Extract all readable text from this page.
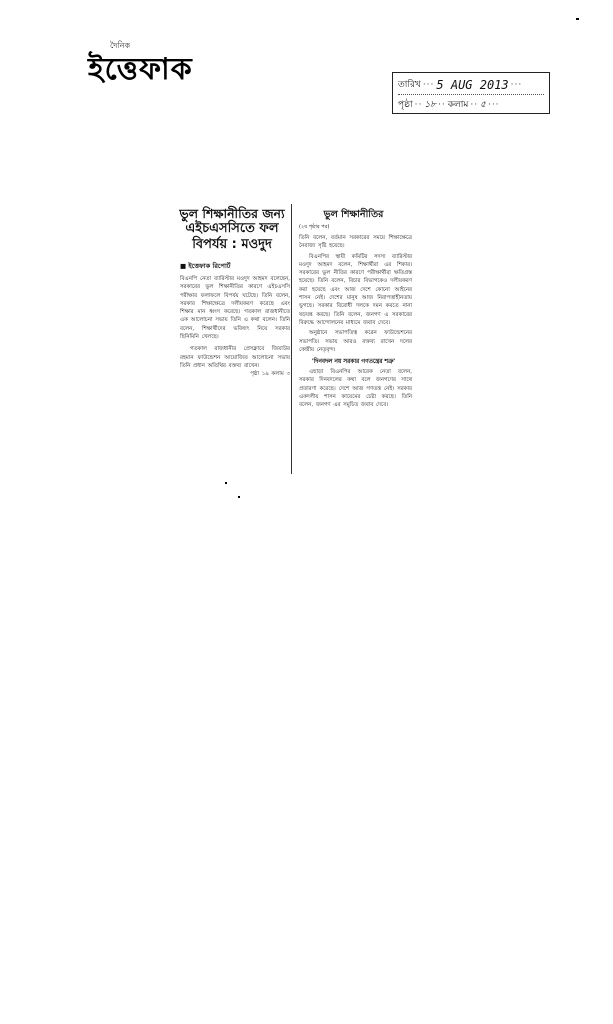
দৈনিক
ইত্তেফাক	তারিখ ··· 5 AUG 2013 ···
পৃষ্ঠা ·· ১৮ ·· কলাম ·· ৫ ···
ভুল শিক্ষানীতির জন্য
এইচএসসিতে ফল বিপর্যয় : মওদুদ
■ ইত্তেফাক রিপোর্ট

বিএনপি নেতা ব্যারিস্টার মওদুদ আহমদ বলেছেন, সরকারের ভুল শিক্ষানীতির কারণে এইচএসসি পরীক্ষার ফলাফলে বিপর্যয় ঘটেছে। তিনি বলেন, সরকার শিক্ষাক্ষেত্রে দলীয়করণ করেছে এবং শিক্ষার মান ধ্বংস করেছে। গতকাল রাজধানীতে এক আলোচনা সভায় তিনি এ কথা বলেন। তিনি বলেন, শিক্ষার্থীদের ভবিষ্যৎ নিয়ে সরকার ছিনিমিনি খেলছে।

গতকাল রাজধানীর প্রেসক্লাবে জিয়াউর রহমান ফাউন্ডেশন আয়োজিত আলোচনা সভায় তিনি প্রধান অতিথির বক্তব্য রাখেন।

পৃষ্ঠা ১৯ কলাম ৩

ভুল শিক্ষানীতির
(২য় পৃষ্ঠার পর)

তিনি বলেন, বর্তমান সরকারের সময়ে শিক্ষাক্ষেত্রে নৈরাজ্য সৃষ্টি হয়েছে।

বিএনপির স্থায়ী কমিটির সদস্য ব্যারিস্টার মওদুদ আহমদ বলেন, শিক্ষার্থীরা এর শিকার। সরকারের ভুল নীতির কারণে পরীক্ষার্থীরা ক্ষতিগ্রস্ত হয়েছে। তিনি বলেন, বিচার বিভাগকেও দলীয়করণ করা হয়েছে এবং আজ দেশে কোনো আইনের শাসন নেই। দেশের মানুষ আজ নিরাপত্তাহীনতায় ভুগছে। সরকার বিরোধী দলকে দমন করতে নানা ষড়যন্ত্র করছে। তিনি বলেন, জনগণ এ সরকারের বিরুদ্ধে আন্দোলনের মাধ্যমে জবাব দেবে।

অনুষ্ঠানে সভাপতিত্ব করেন ফাউন্ডেশনের সভাপতি। সভায় আরও বক্তব্য রাখেন দলের কেন্দ্রীয় নেতৃবৃন্দ।

'দিনবদল নয় সরকার গণতন্ত্রের শত্রু'

এছাড়া বিএনপির আরেক নেতা বলেন, সরকার দিনবদলের কথা বলে জনগণের সাথে প্রতারণা করেছে। দেশে আজ গণতন্ত্র নেই। সরকার একদলীয় শাসন কায়েমের চেষ্টা করছে। তিনি বলেন, জনগণ এর সমুচিত জবাব দেবে।
